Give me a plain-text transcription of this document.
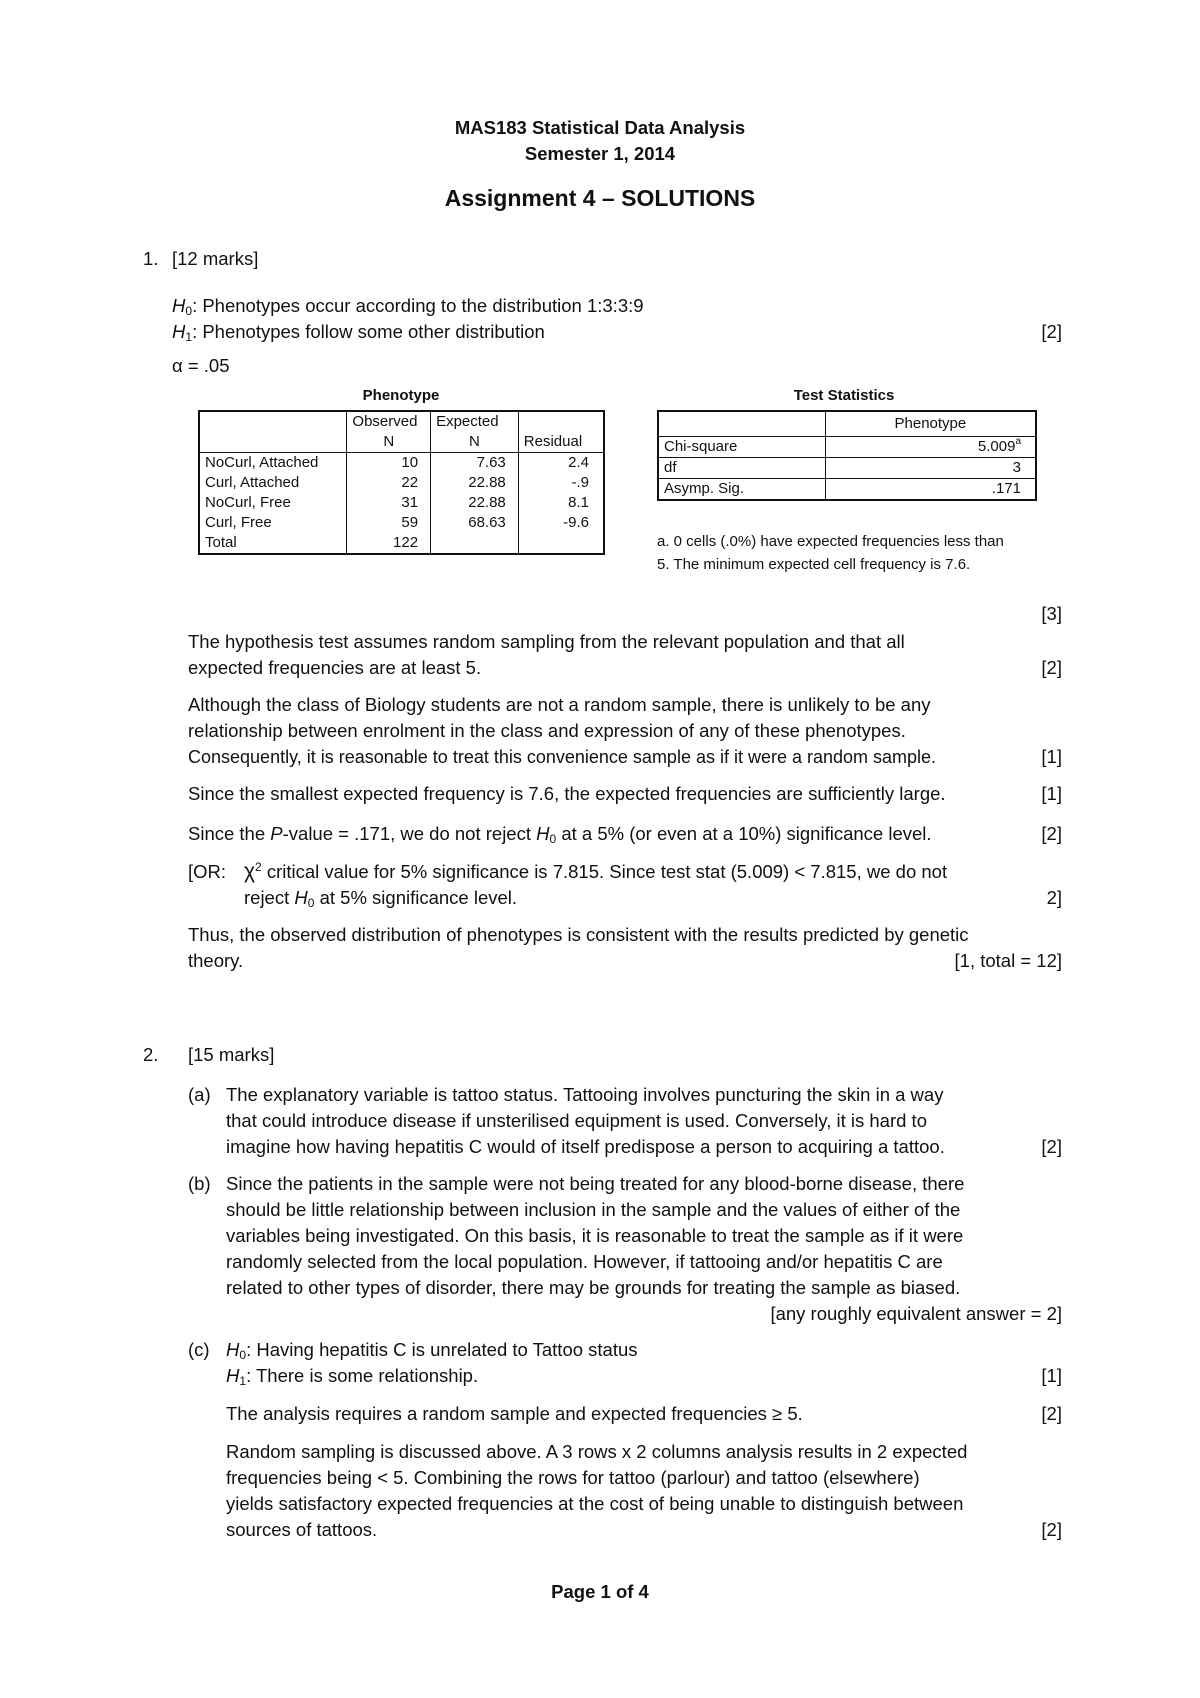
MAS183 Statistical Data Analysis
Semester 1, 2014
Assignment 4 – SOLUTIONS
1. [12 marks]
$H_0$: Phenotypes occur according to the distribution 1:3:3:9
$H_1$: Phenotypes follow some other distribution	[2]
α = .05
Phenotype
	Observed	Expected	
	N	N	Residual
NoCurl, Attached	10	7.63	2.4
Curl, Attached	22	22.88	-.9
NoCurl, Free	31	22.88	8.1
Curl, Free	59	68.63	-9.6
Total	122		
Test Statistics
	Phenotype
Chi-square	5.009$^a$
df	3
Asymp. Sig.	.171
a. 0 cells (.0%) have expected frequencies less than
5. The minimum expected cell frequency is 7.6.
[3]
The hypothesis test assumes random sampling from the relevant population and that all
expected frequencies are at least 5.	[2]
Although the class of Biology students are not a random sample, there is unlikely to be any
relationship between enrolment in the class and expression of any of these phenotypes.
Consequently, it is reasonable to treat this convenience sample as if it were a random sample.	[1]
Since the smallest expected frequency is 7.6, the expected frequencies are sufficiently large.	[1]
Since the P-value = .171, we do not reject $H_0$ at a 5% (or even at a 10%) significance level.	[2]
[OR: $\chi^2$ critical value for 5% significance is 7.815. Since test stat (5.009) < 7.815, we do not
reject $H_0$ at 5% significance level.	2]
Thus, the observed distribution of phenotypes is consistent with the results predicted by genetic
theory.	[1, total = 12]
2. [15 marks]
(a) The explanatory variable is tattoo status. Tattooing involves puncturing the skin in a way
that could introduce disease if unsterilised equipment is used. Conversely, it is hard to
imagine how having hepatitis C would of itself predispose a person to acquiring a tattoo.	[2]
(b) Since the patients in the sample were not being treated for any blood-borne disease, there
should be little relationship between inclusion in the sample and the values of either of the
variables being investigated. On this basis, it is reasonable to treat the sample as if it were
randomly selected from the local population. However, if tattooing and/or hepatitis C are
related to other types of disorder, there may be grounds for treating the sample as biased.
[any roughly equivalent answer = 2]
(c) $H_0$: Having hepatitis C is unrelated to Tattoo status
$H_1$: There is some relationship.	[1]
The analysis requires a random sample and expected frequencies ≥ 5.	[2]
Random sampling is discussed above. A 3 rows x 2 columns analysis results in 2 expected
frequencies being < 5. Combining the rows for tattoo (parlour) and tattoo (elsewhere)
yields satisfactory expected frequencies at the cost of being unable to distinguish between
sources of tattoos.	[2]
Page 1 of 4
